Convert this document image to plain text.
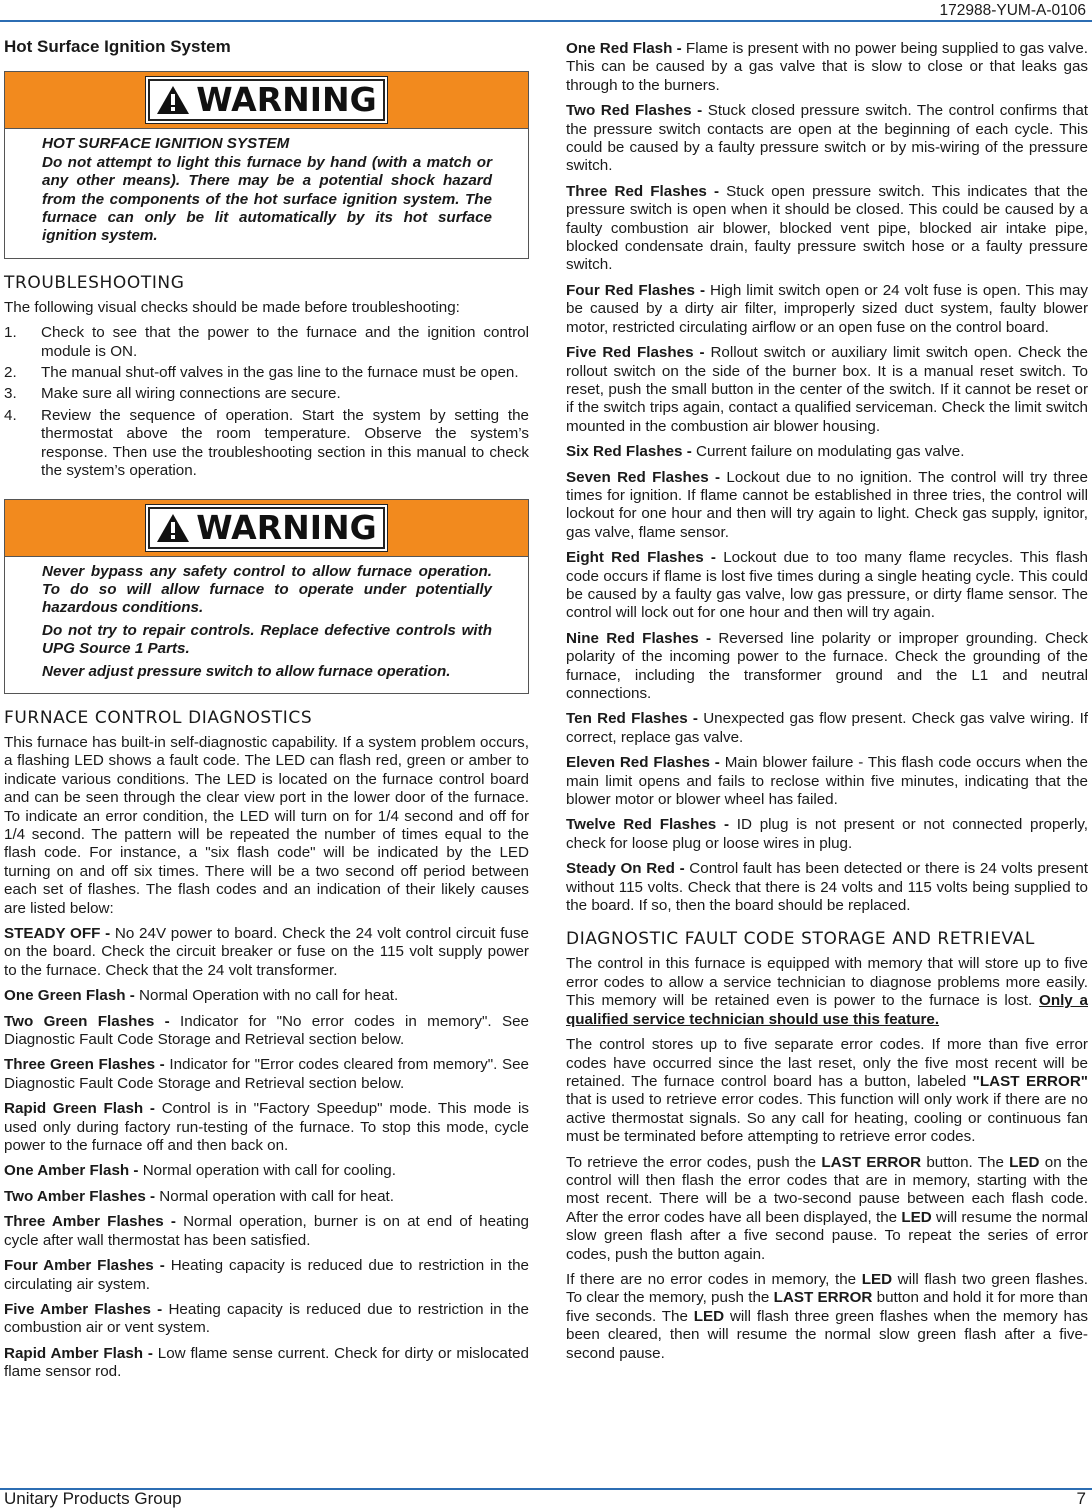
172988-YUM-A-0106
Hot Surface Ignition System
WARNING

HOT SURFACE IGNITION SYSTEM

Do not attempt to light this furnace by hand (with a match or any other means). There may be a potential shock hazard from the components of the hot surface ignition system. The furnace can only be lit automatically by its hot surface ignition system.

TROUBLESHOOTING

The following visual checks should be made before troubleshooting:

1. Check to see that the power to the furnace and the ignition control module is ON.
2. The manual shut-off valves in the gas line to the furnace must be open.
3. Make sure all wiring connections are secure.
4. Review the sequence of operation. Start the system by setting the thermostat above the room temperature. Observe the system’s response. Then use the troubleshooting section in this manual to check the system’s operation.
WARNING

Never bypass any safety control to allow furnace operation. To do so will allow furnace to operate under potentially hazardous conditions.

Do not try to repair controls. Replace defective controls with UPG Source 1 Parts.

Never adjust pressure switch to allow furnace operation.

FURNACE CONTROL DIAGNOSTICS

This furnace has built-in self-diagnostic capability. If a system problem occurs, a flashing LED shows a fault code. The LED can flash red, green or amber to indicate various conditions. The LED is located on the furnace control board and can be seen through the clear view port in the lower door of the furnace. To indicate an error condition, the LED will turn on for 1/4 second and off for 1/4 second. The pattern will be repeated the number of times equal to the flash code. For instance, a "six flash code" will be indicated by the LED turning on and off six times. There will be a two second off period between each set of flashes. The flash codes and an indication of their likely causes are listed below:

STEADY OFF - No 24V power to board. Check the 24 volt control circuit fuse on the board. Check the circuit breaker or fuse on the 115 volt supply power to the furnace. Check that the 24 volt transformer.

One Green Flash - Normal Operation with no call for heat.

Two Green Flashes - Indicator for "No error codes in memory". See Diagnostic Fault Code Storage and Retrieval section below.

Three Green Flashes - Indicator for "Error codes cleared from memory". See Diagnostic Fault Code Storage and Retrieval section below.

Rapid Green Flash - Control is in "Factory Speedup" mode. This mode is used only during factory run-testing of the furnace. To stop this mode, cycle power to the furnace off and then back on.

One Amber Flash - Normal operation with call for cooling.

Two Amber Flashes - Normal operation with call for heat.

Three Amber Flashes - Normal operation, burner is on at end of heating cycle after wall thermostat has been satisfied.

Four Amber Flashes - Heating capacity is reduced due to restriction in the circulating air system.

Five Amber Flashes - Heating capacity is reduced due to restriction in the combustion air or vent system.

Rapid Amber Flash - Low flame sense current. Check for dirty or mislocated flame sensor rod.

One Red Flash - Flame is present with no power being supplied to gas valve. This can be caused by a gas valve that is slow to close or that leaks gas through to the burners.

Two Red Flashes - Stuck closed pressure switch. The control confirms that the pressure switch contacts are open at the beginning of each cycle. This could be caused by a faulty pressure switch or by mis-wiring of the pressure switch.

Three Red Flashes - Stuck open pressure switch. This indicates that the pressure switch is open when it should be closed. This could be caused by a faulty combustion air blower, blocked vent pipe, blocked air intake pipe, blocked condensate drain, faulty pressure switch hose or a faulty pressure switch.

Four Red Flashes - High limit switch open or 24 volt fuse is open. This may be caused by a dirty air filter, improperly sized duct system, faulty blower motor, restricted circulating airflow or an open fuse on the control board.

Five Red Flashes - Rollout switch or auxiliary limit switch open. Check the rollout switch on the side of the burner box. It is a manual reset switch. To reset, push the small button in the center of the switch. If it cannot be reset or if the switch trips again, contact a qualified serviceman. Check the limit switch mounted in the combustion air blower housing.

Six Red Flashes - Current failure on modulating gas valve.

Seven Red Flashes - Lockout due to no ignition. The control will try three times for ignition. If flame cannot be established in three tries, the control will lockout for one hour and then will try again to light. Check gas supply, ignitor, gas valve, flame sensor.

Eight Red Flashes - Lockout due to too many flame recycles. This flash code occurs if flame is lost five times during a single heating cycle. This could be caused by a faulty gas valve, low gas pressure, or dirty flame sensor. The control will lock out for one hour and then will try again.

Nine Red Flashes - Reversed line polarity or improper grounding. Check polarity of the incoming power to the furnace. Check the grounding of the furnace, including the transformer ground and the L1 and neutral connections.

Ten Red Flashes - Unexpected gas flow present. Check gas valve wiring. If correct, replace gas valve.

Eleven Red Flashes - Main blower failure - This flash code occurs when the main limit opens and fails to reclose within five minutes, indicating that the blower motor or blower wheel has failed.

Twelve Red Flashes - ID plug is not present or not connected properly, check for loose plug or loose wires in plug.

Steady On Red - Control fault has been detected or there is 24 volts present without 115 volts. Check that there is 24 volts and 115 volts being supplied to the board. If so, then the board should be replaced.

DIAGNOSTIC FAULT CODE STORAGE AND RETRIEVAL

The control in this furnace is equipped with memory that will store up to five error codes to allow a service technician to diagnose problems more easily. This memory will be retained even is power to the furnace is lost. Only a qualified service technician should use this feature.

The control stores up to five separate error codes. If more than five error codes have occurred since the last reset, only the five most recent will be retained. The furnace control board has a button, labeled "LAST ERROR" that is used to retrieve error codes. This function will only work if there are no active thermostat signals. So any call for heating, cooling or continuous fan must be terminated before attempting to retrieve error codes.

To retrieve the error codes, push the LAST ERROR button. The LED on the control will then flash the error codes that are in memory, starting with the most recent. There will be a two-second pause between each flash code. After the error codes have all been displayed, the LED will resume the normal slow green flash after a five second pause. To repeat the series of error codes, push the button again.

If there are no error codes in memory, the LED will flash two green flashes. To clear the memory, push the LAST ERROR button and hold it for more than five seconds. The LED will flash three green flashes when the memory has been cleared, then will resume the normal slow green flash after a five-second pause.

Unitary Products Group	7
